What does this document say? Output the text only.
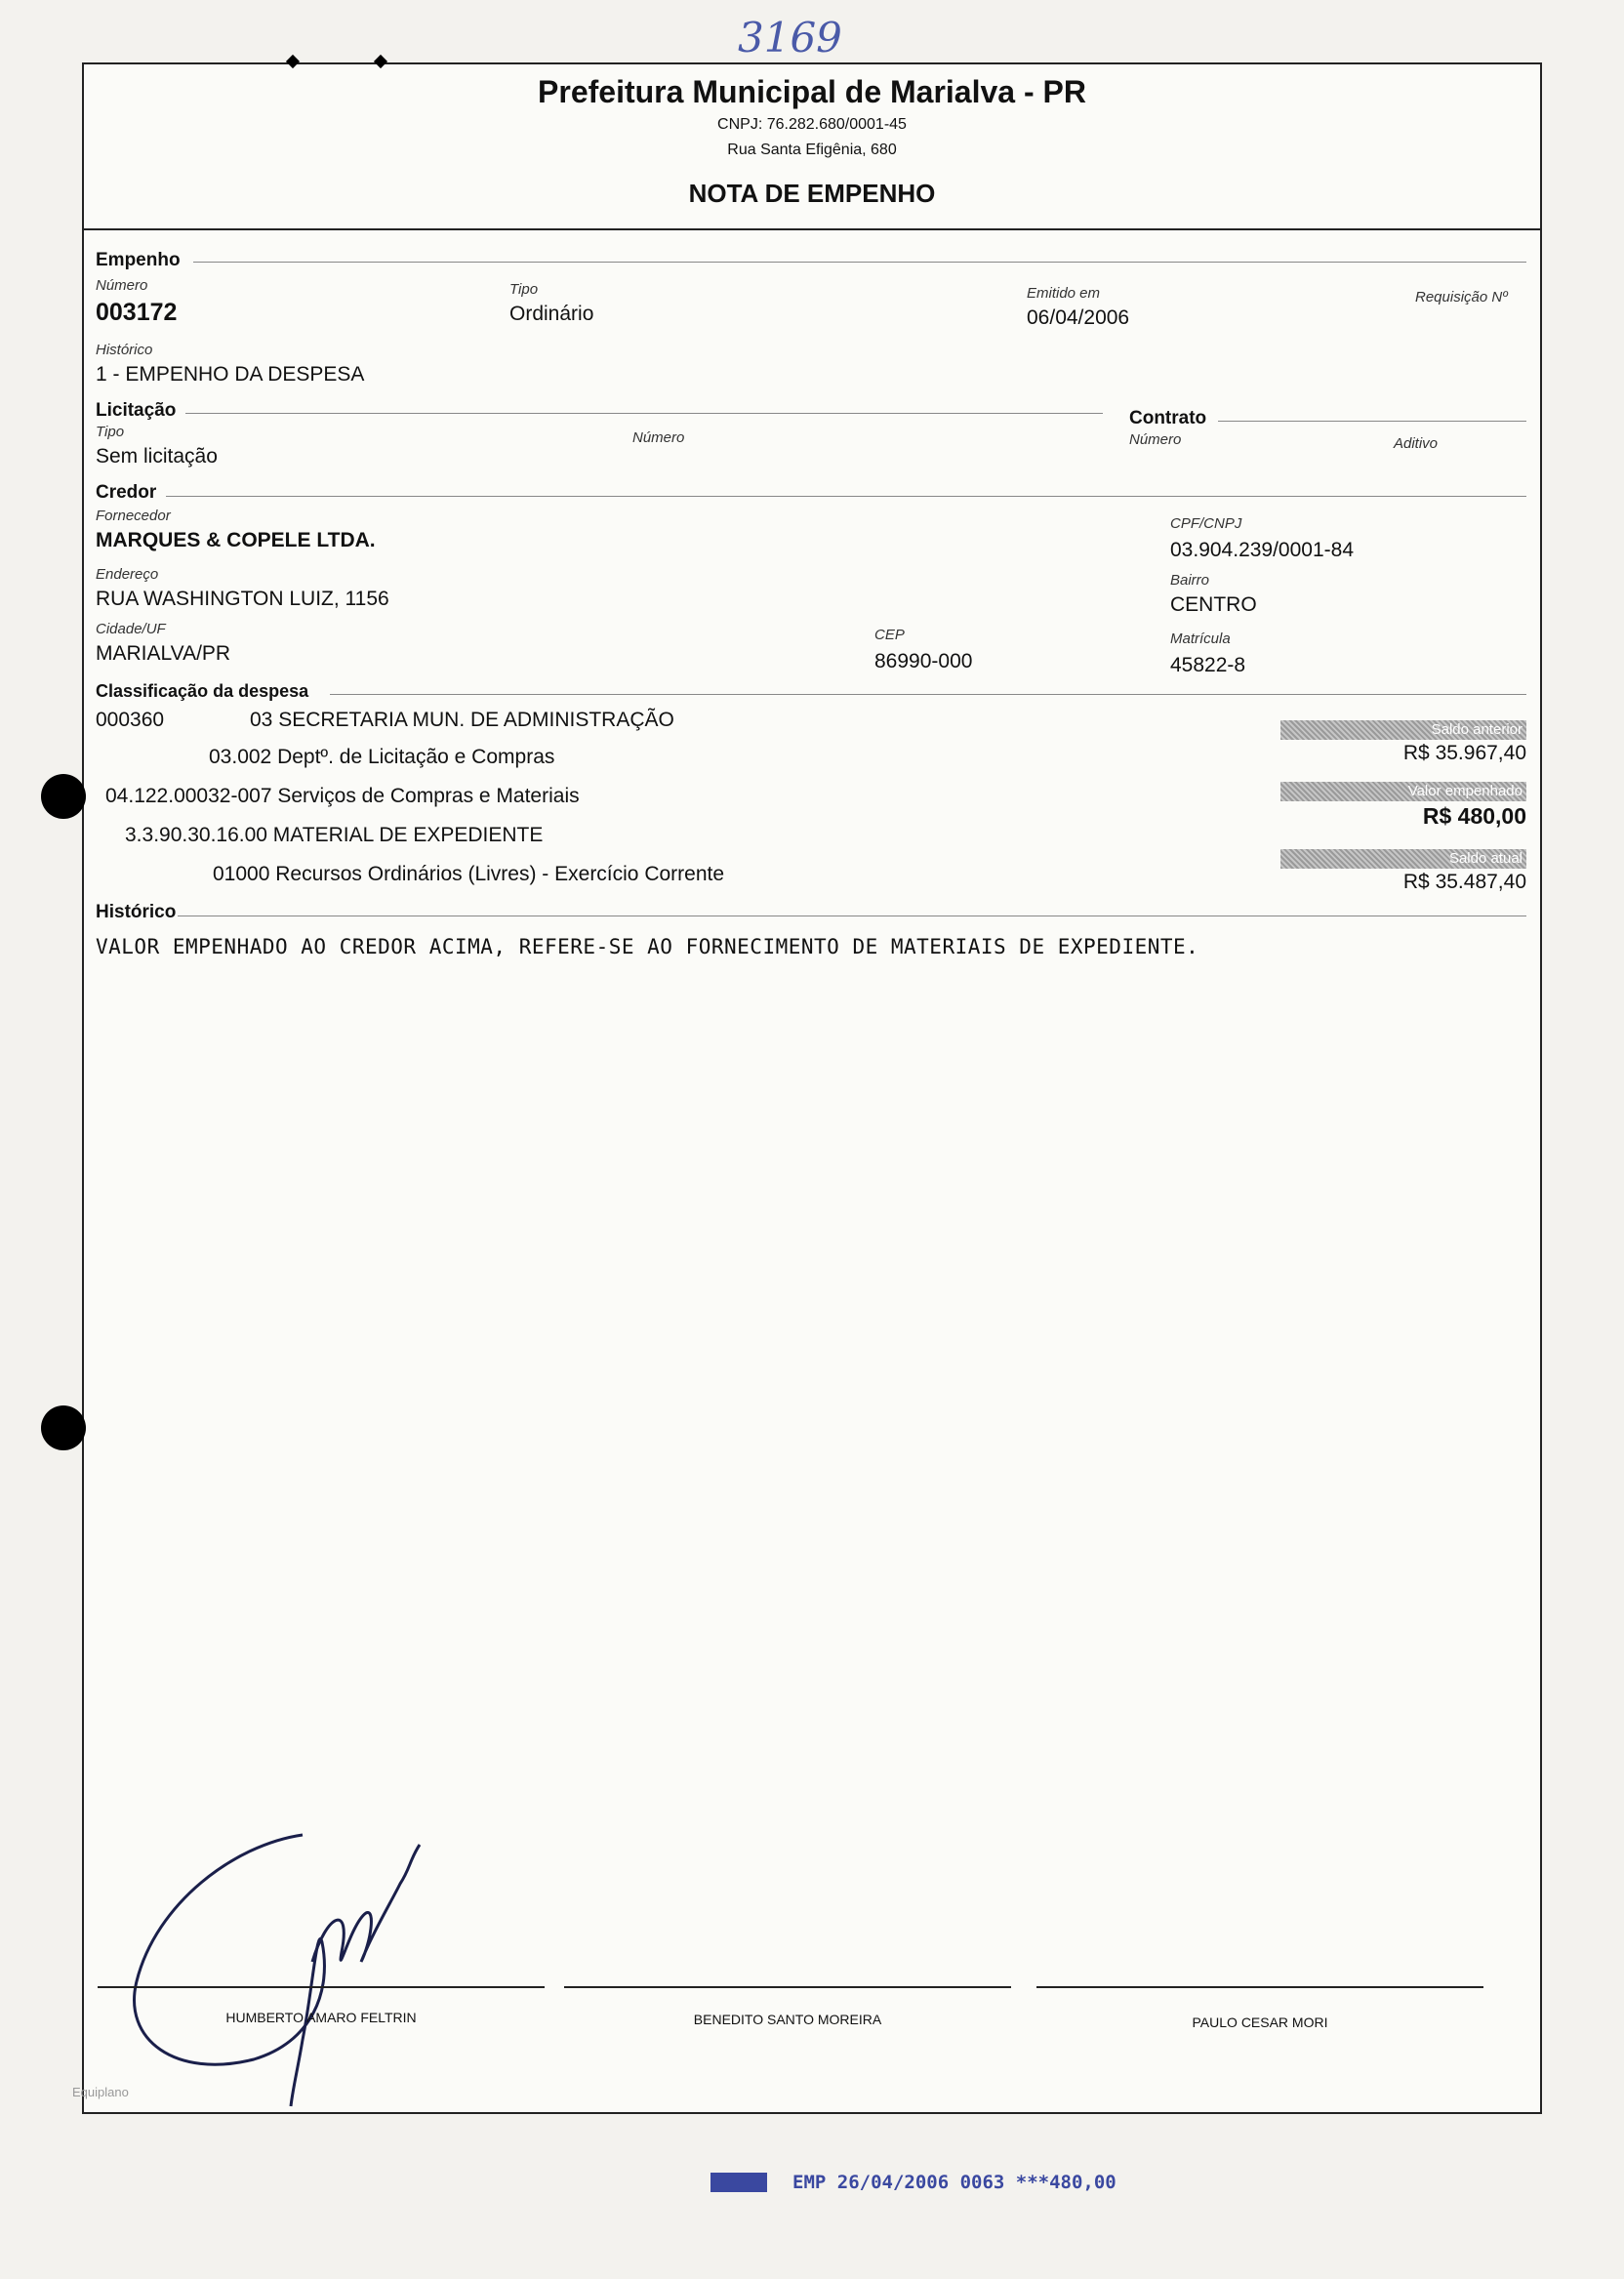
3169
Prefeitura Municipal de Marialva - PR
CNPJ: 76.282.680/0001-45
Rua Santa Efigênia, 680
NOTA DE EMPENHO
Empenho
Número
003172
Tipo
Ordinário
Emitido em
06/04/2006
Requisição Nº
Histórico
1 - EMPENHO DA DESPESA
Licitação
Tipo
Sem licitação
Número
Contrato
Número	Aditivo
Credor
Fornecedor
MARQUES & COPELE LTDA.
CPF/CNPJ
03.904.239/0001-84
Endereço
RUA WASHINGTON LUIZ, 1156
Bairro
CENTRO
Cidade/UF
MARIALVA/PR
CEP
86990-000
Matrícula
45822-8
Classificação da despesa
000360	03 SECRETARIA MUN. DE ADMINISTRAÇÃO
03.002 Deptº. de Licitação e Compras
04.122.00032-007 Serviços de Compras e Materiais
3.3.90.30.16.00 MATERIAL DE EXPEDIENTE
01000 Recursos Ordinários (Livres) - Exercício Corrente
Saldo anterior
R$ 35.967,40
Valor empenhado
R$ 480,00
Saldo atual
R$ 35.487,40
Histórico
VALOR EMPENHADO AO CREDOR ACIMA, REFERE-SE AO FORNECIMENTO DE MATERIAIS DE EXPEDIENTE.
HUMBERTO AMARO FELTRIN	BENEDITO SANTO MOREIRA	PAULO CESAR MORI
Equiplano
EMP 26/04/2006 0063 ***480,00
